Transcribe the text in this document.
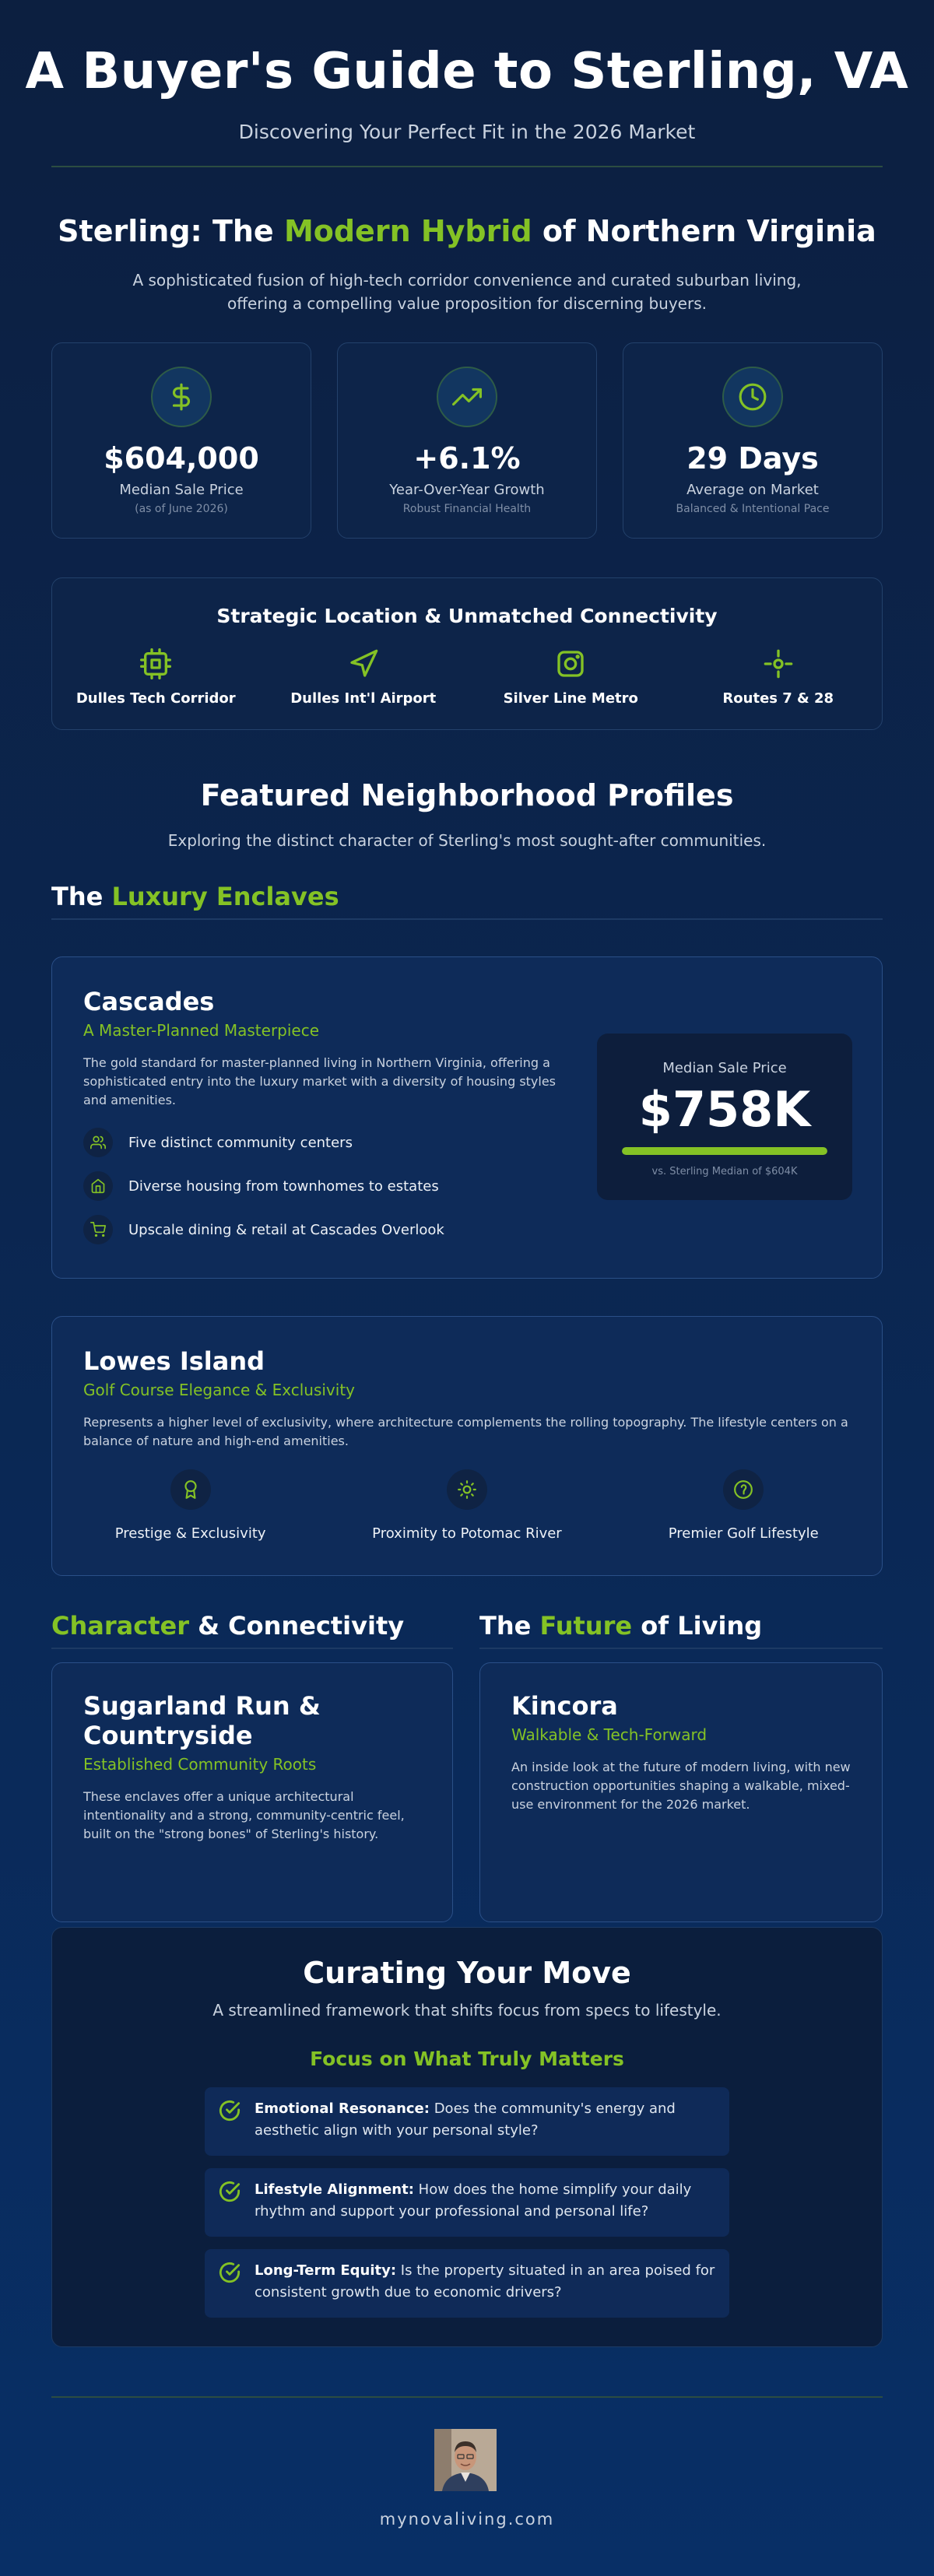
A Buyer's Guide to Sterling, VA
Discovering Your Perfect Fit in the 2026 Market
Sterling: The Modern Hybrid of Northern Virginia

A sophisticated fusion of high-tech corridor convenience and curated suburban living, offering a compelling value proposition for discerning buyers.

$604,000
Median Sale Price
(as of June 2026)
+6.1%
Year-Over-Year Growth
Robust Financial Health
29 Days
Average on Market
Balanced & Intentional Pace
Strategic Location & Unmatched Connectivity
Dulles Tech Corridor	Dulles Int'l Airport	Silver Line Metro	Routes 7 & 28
Featured Neighborhood Profiles

Exploring the distinct character of Sterling's most sought-after communities.

The Luxury Enclaves
Cascades
A Master-Planned Masterpiece
The gold standard for master-planned living in Northern Virginia, offering a sophisticated entry into the luxury market with a diversity of housing styles and amenities.
Five distinct community centers
Diverse housing from townhomes to estates
Upscale dining & retail at Cascades Overlook
Median Sale Price
$758K
vs. Sterling Median of $604K
Lowes Island
Golf Course Elegance & Exclusivity
Represents a higher level of exclusivity, where architecture complements the rolling topography. The lifestyle centers on a balance of nature and high-end amenities.
Prestige & Exclusivity	Proximity to Potomac River	Premier Golf Lifestyle
Character & Connectivity
Sugarland Run & Countryside
Established Community Roots
These enclaves offer a unique architectural intentionality and a strong, community-centric feel, built on the "strong bones" of Sterling's history.
The Future of Living
Kincora
Walkable & Tech-Forward
An inside look at the future of modern living, with new construction opportunities shaping a walkable, mixed-use environment for the 2026 market.
Curating Your Move
A streamlined framework that shifts focus from specs to lifestyle.
Focus on What Truly Matters
Emotional Resonance: Does the community's energy and aesthetic align with your personal style?
Lifestyle Alignment: How does the home simplify your daily rhythm and support your professional and personal life?
Long-Term Equity: Is the property situated in an area poised for consistent growth due to economic drivers?
mynovaliving.com
